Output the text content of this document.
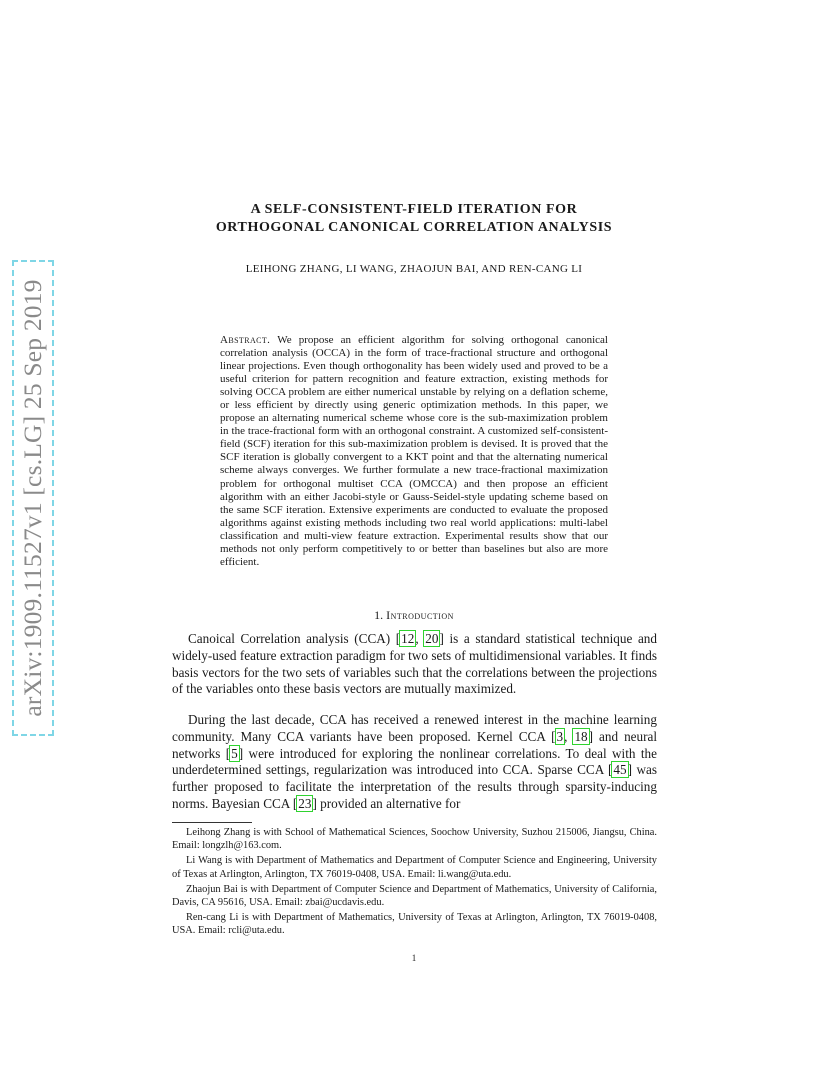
arXiv:1909.11527v1 [cs.LG] 25 Sep 2019
A SELF-CONSISTENT-FIELD ITERATION FOR
ORTHOGONAL CANONICAL CORRELATION ANALYSIS
LEIHONG ZHANG, LI WANG, ZHAOJUN BAI, AND REN-CANG LI

Abstract. We propose an efficient algorithm for solving orthogonal canonical correlation analysis (OCCA) in the form of trace-fractional structure and orthogonal linear projections. Even though orthogonality has been widely used and proved to be a useful criterion for pattern recognition and feature extraction, existing methods for solving OCCA problem are either numerical unstable by relying on a deflation scheme, or less efficient by directly using generic optimization methods. In this paper, we propose an alternating numerical scheme whose core is the sub-maximization problem in the trace-fractional form with an orthogonal constraint. A customized self-consistent-field (SCF) iteration for this sub-maximization problem is devised. It is proved that the SCF iteration is globally convergent to a KKT point and that the alternating numerical scheme always converges. We further formulate a new trace-fractional maximization problem for orthogonal multiset CCA (OMCCA) and then propose an efficient algorithm with an either Jacobi-style or Gauss-Seidel-style updating scheme based on the same SCF iteration. Extensive experiments are conducted to evaluate the proposed algorithms against existing methods including two real world applications: multi-label classification and multi-view feature extraction. Experimental results show that our methods not only perform competitively to or better than baselines but also are more efficient.

1. Introduction

Canoical Correlation analysis (CCA) [12, 20] is a standard statistical technique and widely-used feature extraction paradigm for two sets of multidimensional variables. It finds basis vectors for the two sets of variables such that the correlations between the projections of the variables onto these basis vectors are mutually maximized.

During the last decade, CCA has received a renewed interest in the machine learning community. Many CCA variants have been proposed. Kernel CCA [3, 18] and neural networks [5] were introduced for exploring the nonlinear correlations. To deal with the underdetermined settings, regularization was introduced into CCA. Sparse CCA [45] was further proposed to facilitate the interpretation of the results through sparsity-inducing norms. Bayesian CCA [23] provided an alternative for

Leihong Zhang is with School of Mathematical Sciences, Soochow University, Suzhou 215006, Jiangsu, China. Email: longzlh@163.com.

Li Wang is with Department of Mathematics and Department of Computer Science and Engineering, University of Texas at Arlington, Arlington, TX 76019-0408, USA. Email: li.wang@uta.edu.

Zhaojun Bai is with Department of Computer Science and Department of Mathematics, University of California, Davis, CA 95616, USA. Email: zbai@ucdavis.edu.

Ren-cang Li is with Department of Mathematics, University of Texas at Arlington, Arlington, TX 76019-0408, USA. Email: rcli@uta.edu.

1
